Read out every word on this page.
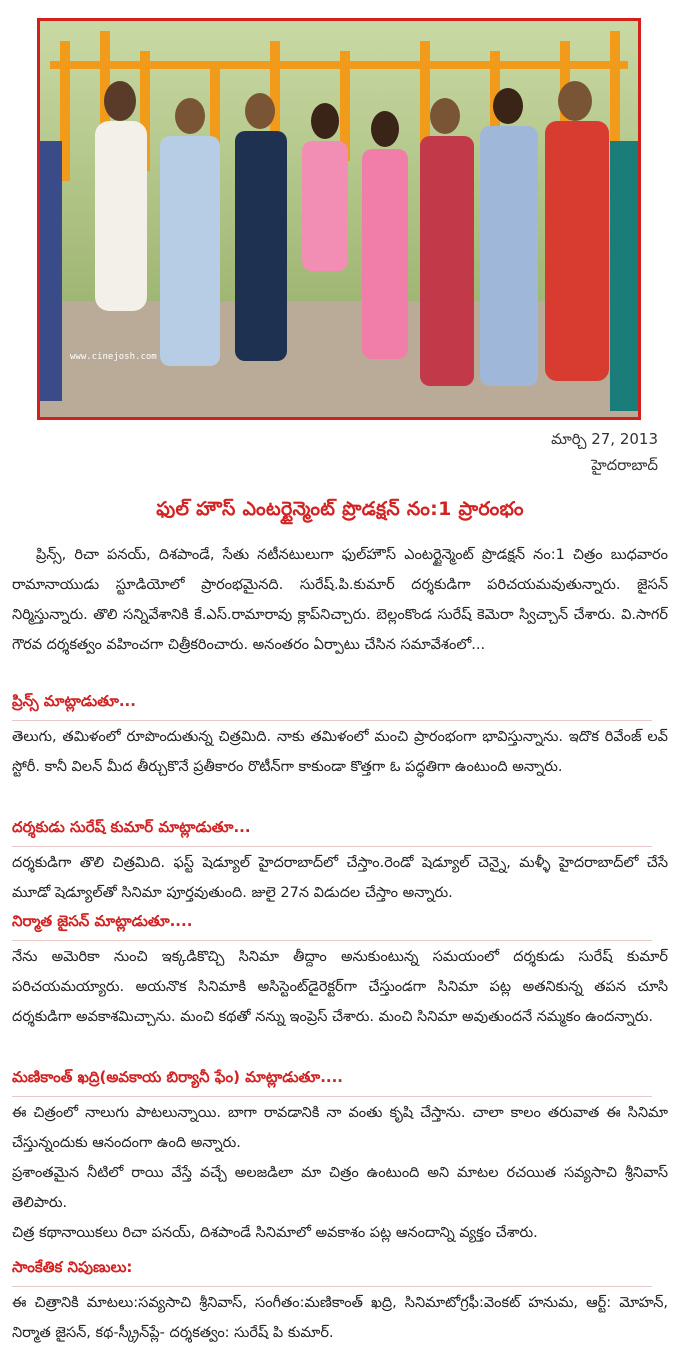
www.cinejosh.com
మార్చి 27, 2013
హైదరాబాద్
ఫుల్ హౌస్ ఎంటర్టైన్మెంట్ ప్రొడక్షన్ నం:1 ప్రారంభం

ప్రిన్స్, రిచా పనయ్, దిశపాండే, సేతు నటీనటులుగా ఫుల్‌హౌస్ ఎంటర్టైన్మెంట్ ప్రొడక్షన్ నం:1 చిత్రం బుధవారం రామానాయుడు స్టూడియోలో ప్రారంభమైనది. సురేష్.పి.కుమార్ దర్శకుడిగా పరిచయమవుతున్నారు. జైసన్ నిర్మిస్తున్నారు. తొలి సన్నివేశానికి కే.ఎస్.రామారావు క్లాప్‌నిచ్చారు. బెల్లంకొండ సురేష్ కెమెరా స్విచ్చాన్ చేశారు. వి.సాగర్ గౌరవ దర్శకత్వం వహించగా చిత్రీకరించారు. అనంతరం ఏర్పాటు చేసిన సమావేశంలో...

ప్రిన్స్ మాట్లాడుతూ...

తెలుగు, తమిళంలో రూపొందుతున్న చిత్రమిది. నాకు తమిళంలో మంచి ప్రారంభంగా భావిస్తున్నాను. ఇదొక రివేంజ్ లవ్ స్టోరీ. కానీ విలన్ మీద తీర్చుకొనే ప్రతీకారం రొటీన్‌గా కాకుండా కొత్తగా ఓ పద్ధతిగా ఉంటుంది అన్నారు.

దర్శకుడు సురేష్ కుమార్ మాట్లాడుతూ...

దర్శకుడిగా తొలి చిత్రమిది. ఫస్ట్ షెడ్యూల్ హైదరాబాద్‌లో చేస్తాం.రెండో షెడ్యూల్ చెన్నై, మళ్ళీ హైదరాబాద్‌లో చేసే మూడో షెడ్యూల్‌తో సినిమా పూర్తవుతుంది. జులై 27న విడుదల చేస్తాం అన్నారు.

నిర్మాత జైసన్ మాట్లాడుతూ....

నేను అమెరికా నుంచి ఇక్కడికొచ్చి సినిమా తీద్దాం అనుకుంటున్న సమయంలో దర్శకుడు సురేష్ కుమార్ పరిచయమయ్యారు. అయనొక సినిమాకి అసిస్టెంట్‌డైరెక్టర్‌గా చేస్తుండగా సినిమా పట్ల అతనికున్న తపన చూసి దర్శకుడిగా అవకాశమిచ్చాను. మంచి కథతో నన్ను ఇంప్రెస్ చేశారు. మంచి సినిమా అవుతుందనే నమ్మకం ఉందన్నారు.

మణికాంత్ ఖద్రి(అవకాయ బిర్యానీ ఫేం) మాట్లాడుతూ....

ఈ చిత్రంలో నాలుగు పాటలున్నాయి. బాగా రావడానికి నా వంతు కృషి చేస్తాను. చాలా కాలం తరువాత ఈ సినిమా చేస్తున్నందుకు ఆనందంగా ఉంది అన్నారు.

ప్రశాంతమైన నీటిలో రాయి వేస్తే వచ్చే అలజడిలా మా చిత్రం ఉంటుంది అని మాటల రచయిత సవ్యసాచి శ్రీనివాస్ తెలిపారు.

చిత్ర కథానాయికలు రిచా పనయ్, దిశపాండే సినిమాలో అవకాశం పట్ల ఆనందాన్ని వ్యక్తం చేశారు.

సాంకేతిక నిపుణులు:

ఈ చిత్రానికి మాటలు:సవ్యసాచి శ్రీనివాస్, సంగీతం:మణికాంత్ ఖద్రి, సినిమాటోగ్రఫీ:వెంకట్ హనుమ, ఆర్ట్: మోహన్, నిర్మాత జైసన్, కథ-స్క్రీన్‌ప్లే- దర్శకత్వం: సురేష్ పి కుమార్.
